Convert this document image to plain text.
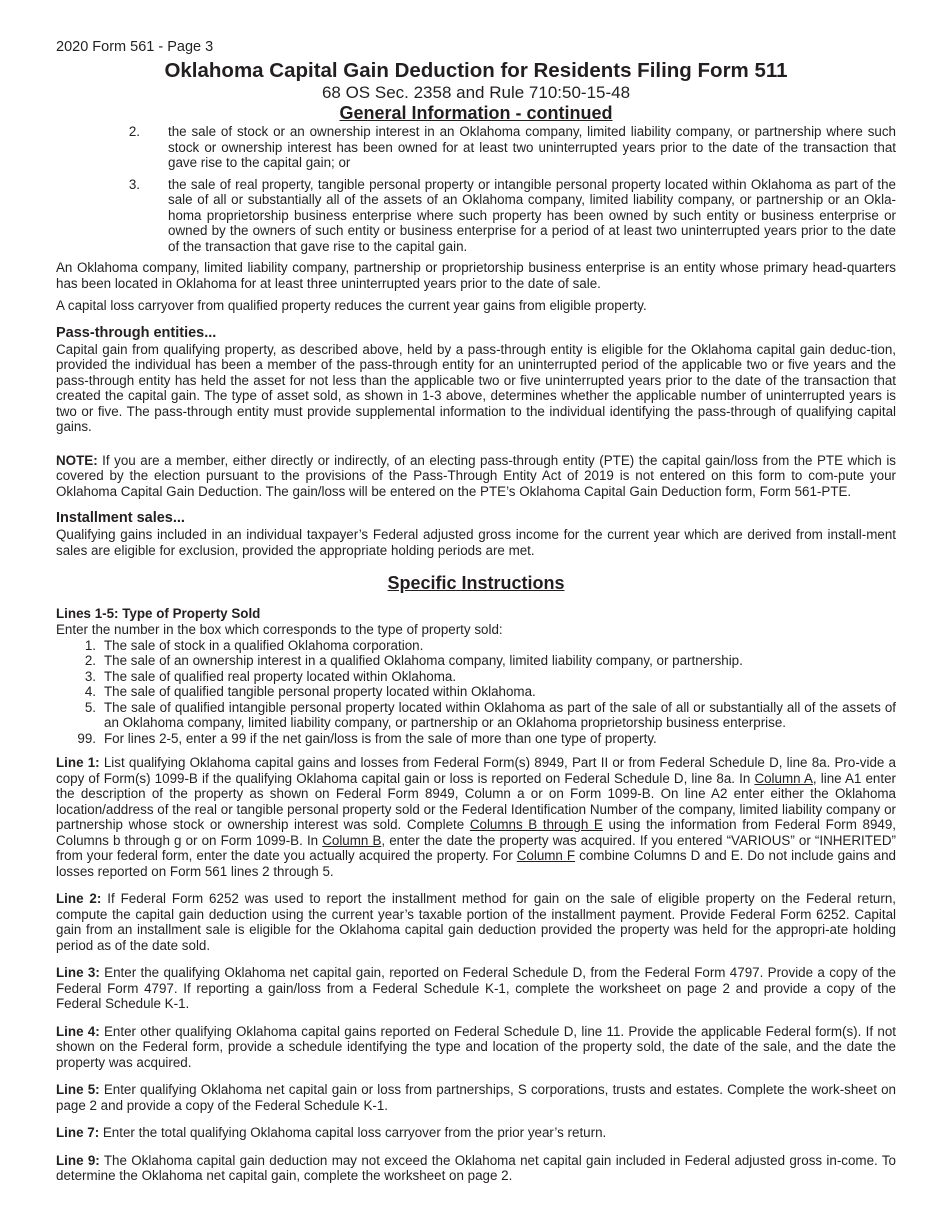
2020 Form 561 - Page 3
Oklahoma Capital Gain Deduction for Residents Filing Form 511
68 OS Sec. 2358 and Rule 710:50-15-48
General Information - continued
2.	the sale of stock or an ownership interest in an Oklahoma company, limited liability company, or partnership where such stock or ownership interest has been owned for at least two uninterrupted years prior to the date of the transaction that gave rise to the capital gain; or
3.	the sale of real property, tangible personal property or intangible personal property located within Oklahoma as part of the sale of all or substantially all of the assets of an Oklahoma company, limited liability company, or partnership or an Okla-homa proprietorship business enterprise where such property has been owned by such entity or business enterprise or owned by the owners of such entity or business enterprise for a period of at least two uninterrupted years prior to the date of the transaction that gave rise to the capital gain.

An Oklahoma company, limited liability company, partnership or proprietorship business enterprise is an entity whose primary head-quarters has been located in Oklahoma for at least three uninterrupted years prior to the date of sale.

A capital loss carryover from qualified property reduces the current year gains from eligible property.

Pass-through entities...

Capital gain from qualifying property, as described above, held by a pass-through entity is eligible for the Oklahoma capital gain deduc-tion, provided the individual has been a member of the pass-through entity for an uninterrupted period of the applicable two or five years and the pass-through entity has held the asset for not less than the applicable two or five uninterrupted years prior to the date of the transaction that created the capital gain. The type of asset sold, as shown in 1-3 above, determines whether the applicable number of uninterrupted years is two or five. The pass-through entity must provide supplemental information to the individual identifying the pass-through of qualifying capital gains.

NOTE: If you are a member, either directly or indirectly, of an electing pass-through entity (PTE) the capital gain/loss from the PTE which is covered by the election pursuant to the provisions of the Pass-Through Entity Act of 2019 is not entered on this form to com-pute your Oklahoma Capital Gain Deduction. The gain/loss will be entered on the PTE’s Oklahoma Capital Gain Deduction form, Form 561-PTE.

Installment sales...

Qualifying gains included in an individual taxpayer’s Federal adjusted gross income for the current year which are derived from install-ment sales are eligible for exclusion, provided the appropriate holding periods are met.

Specific Instructions
Lines 1-5: Type of Property Sold

Enter the number in the box which corresponds to the type of property sold:

1. The sale of stock in a qualified Oklahoma corporation.
2. The sale of an ownership interest in a qualified Oklahoma company, limited liability company, or partnership.
3. The sale of qualified real property located within Oklahoma.
4. The sale of qualified tangible personal property located within Oklahoma.
5. The sale of qualified intangible personal property located within Oklahoma as part of the sale of all or substantially all of the assets of an Oklahoma company, limited liability company, or partnership or an Oklahoma proprietorship business enterprise.
99. For lines 2-5, enter a 99 if the net gain/loss is from the sale of more than one type of property.

Line 1: List qualifying Oklahoma capital gains and losses from Federal Form(s) 8949, Part II or from Federal Schedule D, line 8a. Pro-vide a copy of Form(s) 1099-B if the qualifying Oklahoma capital gain or loss is reported on Federal Schedule D, line 8a. In Column A, line A1 enter the description of the property as shown on Federal Form 8949, Column a or on Form 1099-B. On line A2 enter either the Oklahoma location/address of the real or tangible personal property sold or the Federal Identification Number of the company, limited liability company or partnership whose stock or ownership interest was sold. Complete Columns B through E using the information from Federal Form 8949, Columns b through g or on Form 1099-B. In Column B, enter the date the property was acquired. If you entered “VARIOUS” or “INHERITED” from your federal form, enter the date you actually acquired the property. For Column F combine Columns D and E. Do not include gains and losses reported on Form 561 lines 2 through 5.

Line 2: If Federal Form 6252 was used to report the installment method for gain on the sale of eligible property on the Federal return, compute the capital gain deduction using the current year’s taxable portion of the installment payment. Provide Federal Form 6252. Capital gain from an installment sale is eligible for the Oklahoma capital gain deduction provided the property was held for the appropri-ate holding period as of the date sold.

Line 3: Enter the qualifying Oklahoma net capital gain, reported on Federal Schedule D, from the Federal Form 4797. Provide a copy of the Federal Form 4797. If reporting a gain/loss from a Federal Schedule K-1, complete the worksheet on page 2 and provide a copy of the Federal Schedule K-1.

Line 4: Enter other qualifying Oklahoma capital gains reported on Federal Schedule D, line 11. Provide the applicable Federal form(s). If not shown on the Federal form, provide a schedule identifying the type and location of the property sold, the date of the sale, and the date the property was acquired.

Line 5: Enter qualifying Oklahoma net capital gain or loss from partnerships, S corporations, trusts and estates. Complete the work-sheet on page 2 and provide a copy of the Federal Schedule K-1.

Line 7: Enter the total qualifying Oklahoma capital loss carryover from the prior year’s return.

Line 9: The Oklahoma capital gain deduction may not exceed the Oklahoma net capital gain included in Federal adjusted gross in-come. To determine the Oklahoma net capital gain, complete the worksheet on page 2.
